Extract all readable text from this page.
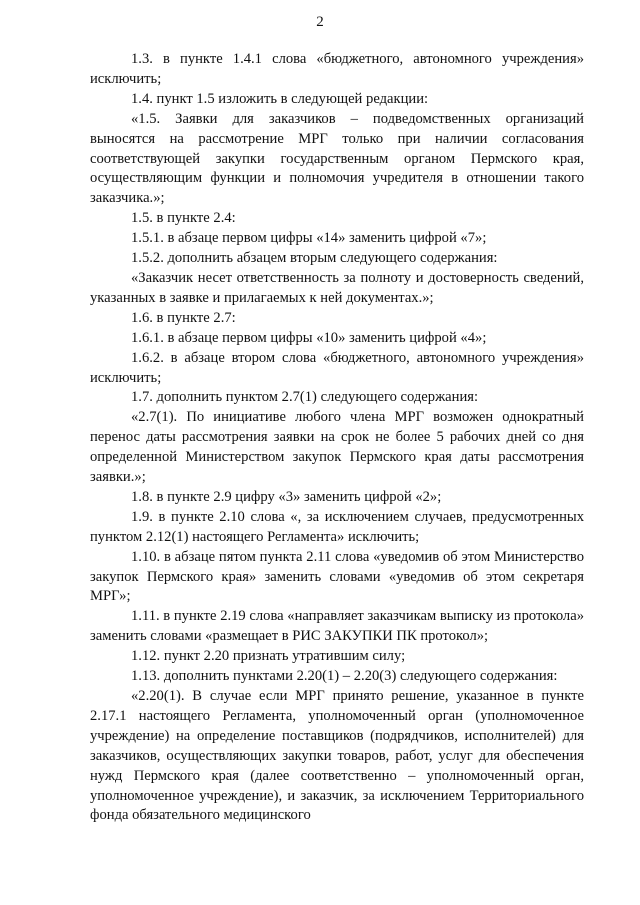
2

1.3. в пункте 1.4.1 слова «бюджетного, автономного учреждения» исключить;

1.4. пункт 1.5 изложить в следующей редакции:

«1.5. Заявки для заказчиков – подведомственных организаций выносятся на рассмотрение МРГ только при наличии согласования соответствующей закупки государственным органом Пермского края, осуществляющим функции и полномочия учредителя в отношении такого заказчика.»;

1.5. в пункте 2.4:

1.5.1. в абзаце первом цифры «14» заменить цифрой «7»;

1.5.2. дополнить абзацем вторым следующего содержания:

«Заказчик несет ответственность за полноту и достоверность сведений, указанных в заявке и прилагаемых к ней документах.»;

1.6. в пункте 2.7:

1.6.1. в абзаце первом цифры «10» заменить цифрой «4»;

1.6.2. в абзаце втором слова «бюджетного, автономного учреждения» исключить;

1.7. дополнить пунктом 2.7(1) следующего содержания:

«2.7(1). По инициативе любого члена МРГ возможен однократный перенос даты рассмотрения заявки на срок не более 5 рабочих дней со дня определенной Министерством закупок Пермского края даты рассмотрения заявки.»;

1.8. в пункте 2.9 цифру «3» заменить цифрой «2»;

1.9. в пункте 2.10 слова «, за исключением случаев, предусмотренных пунктом 2.12(1) настоящего Регламента» исключить;

1.10. в абзаце пятом пункта 2.11 слова «уведомив об этом Министерство закупок Пермского края» заменить словами «уведомив об этом секретаря МРГ»;

1.11. в пункте 2.19 слова «направляет заказчикам выписку из протокола» заменить словами «размещает в РИС ЗАКУПКИ ПК протокол»;

1.12. пункт 2.20 признать утратившим силу;

1.13. дополнить пунктами 2.20(1) – 2.20(3) следующего содержания:

«2.20(1). В случае если МРГ принято решение, указанное в пункте 2.17.1 настоящего Регламента, уполномоченный орган (уполномоченное учреждение) на определение поставщиков (подрядчиков, исполнителей) для заказчиков, осуществляющих закупки товаров, работ, услуг для обеспечения нужд Пермского края (далее соответственно – уполномоченный орган, уполномоченное учреждение), и заказчик, за исключением Территориального фонда обязательного медицинского
